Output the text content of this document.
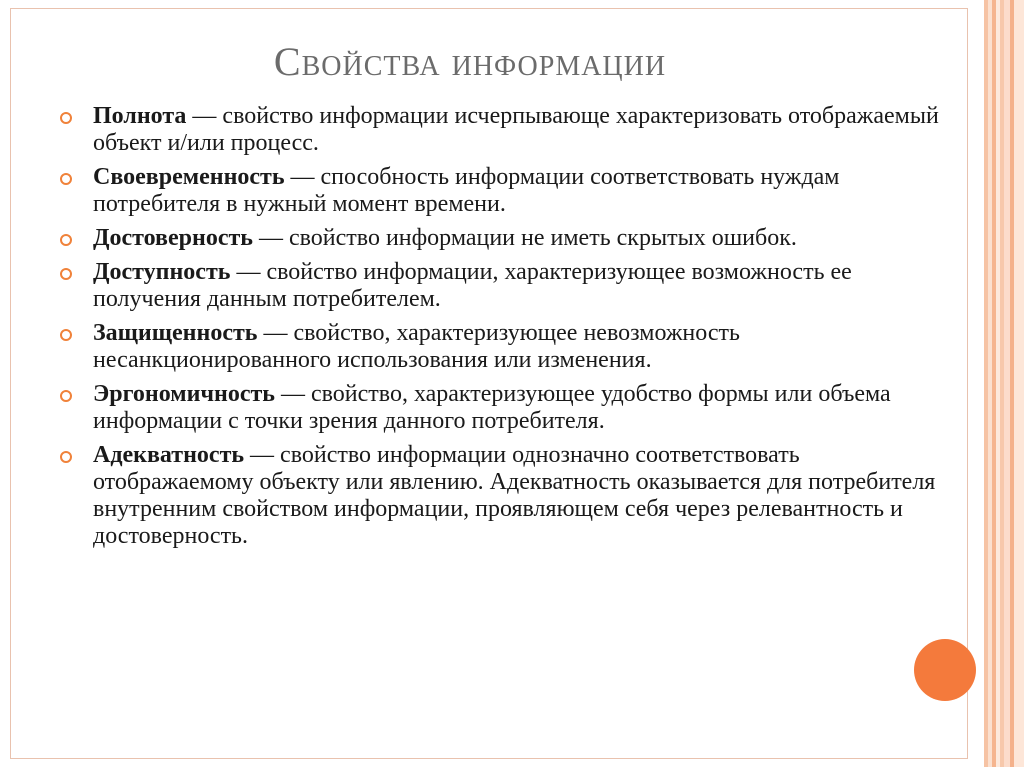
Свойства информации
Полнота — свойство информации исчерпывающе характеризовать отображаемый объект и/или процесс.
Своевременность — способность информации соответствовать нуждам потребителя в нужный момент времени.
Достоверность — свойство информации не иметь скрытых ошибок.
Доступность — свойство информации, характеризующее возможность ее получения данным потребителем.
Защищенность — свойство, характеризующее невозможность несанкционированного использования или изменения.
Эргономичность — свойство, характеризующее удобство формы или объема информации с точки зрения данного потребителя.
Адекватность — свойство информации однозначно соответствовать отображаемому объекту или явлению. Адекватность оказывается для потребителя внутренним свойством информации, проявляющем себя через релевантность и достоверность.
